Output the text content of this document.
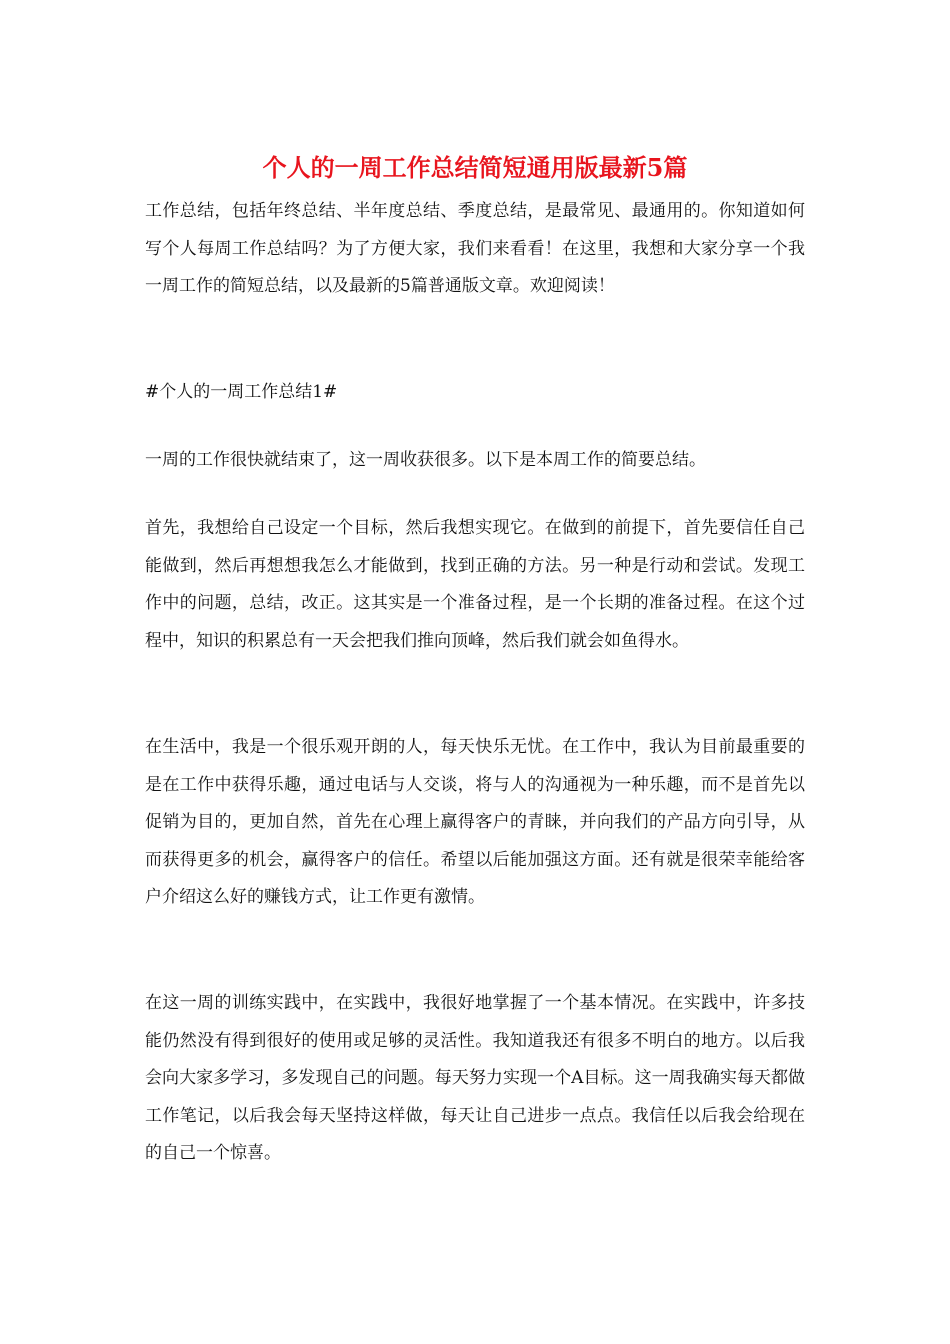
个人的一周工作总结简短通用版最新5篇

工作总结，包括年终总结、半年度总结、季度总结，是最常见、最通用的。你知道如何写个人每周工作总结吗？为了方便大家，我们来看看！在这里，我想和大家分享一个我一周工作的简短总结，以及最新的5篇普通版文章。欢迎阅读！

#个人的一周工作总结1#

一周的工作很快就结束了，这一周收获很多。以下是本周工作的简要总结。

首先，我想给自己设定一个目标，然后我想实现它。在做到的前提下，首先要信任自己能做到，然后再想想我怎么才能做到，找到正确的方法。另一种是行动和尝试。发现工作中的问题，总结，改正。这其实是一个准备过程，是一个长期的准备过程。在这个过程中，知识的积累总有一天会把我们推向顶峰，然后我们就会如鱼得水。

在生活中，我是一个很乐观开朗的人，每天快乐无忧。在工作中，我认为目前最重要的是在工作中获得乐趣，通过电话与人交谈，将与人的沟通视为一种乐趣，而不是首先以促销为目的，更加自然，首先在心理上赢得客户的青睐，并向我们的产品方向引导，从而获得更多的机会，赢得客户的信任。希望以后能加强这方面。还有就是很荣幸能给客户介绍这么好的赚钱方式，让工作更有激情。

在这一周的训练实践中，在实践中，我很好地掌握了一个基本情况。在实践中，许多技能仍然没有得到很好的使用或足够的灵活性。我知道我还有很多不明白的地方。以后我会向大家多学习，多发现自己的问题。每天努力实现一个A目标。这一周我确实每天都做工作笔记，以后我会每天坚持这样做，每天让自己进步一点点。我信任以后我会给现在的自己一个惊喜。
